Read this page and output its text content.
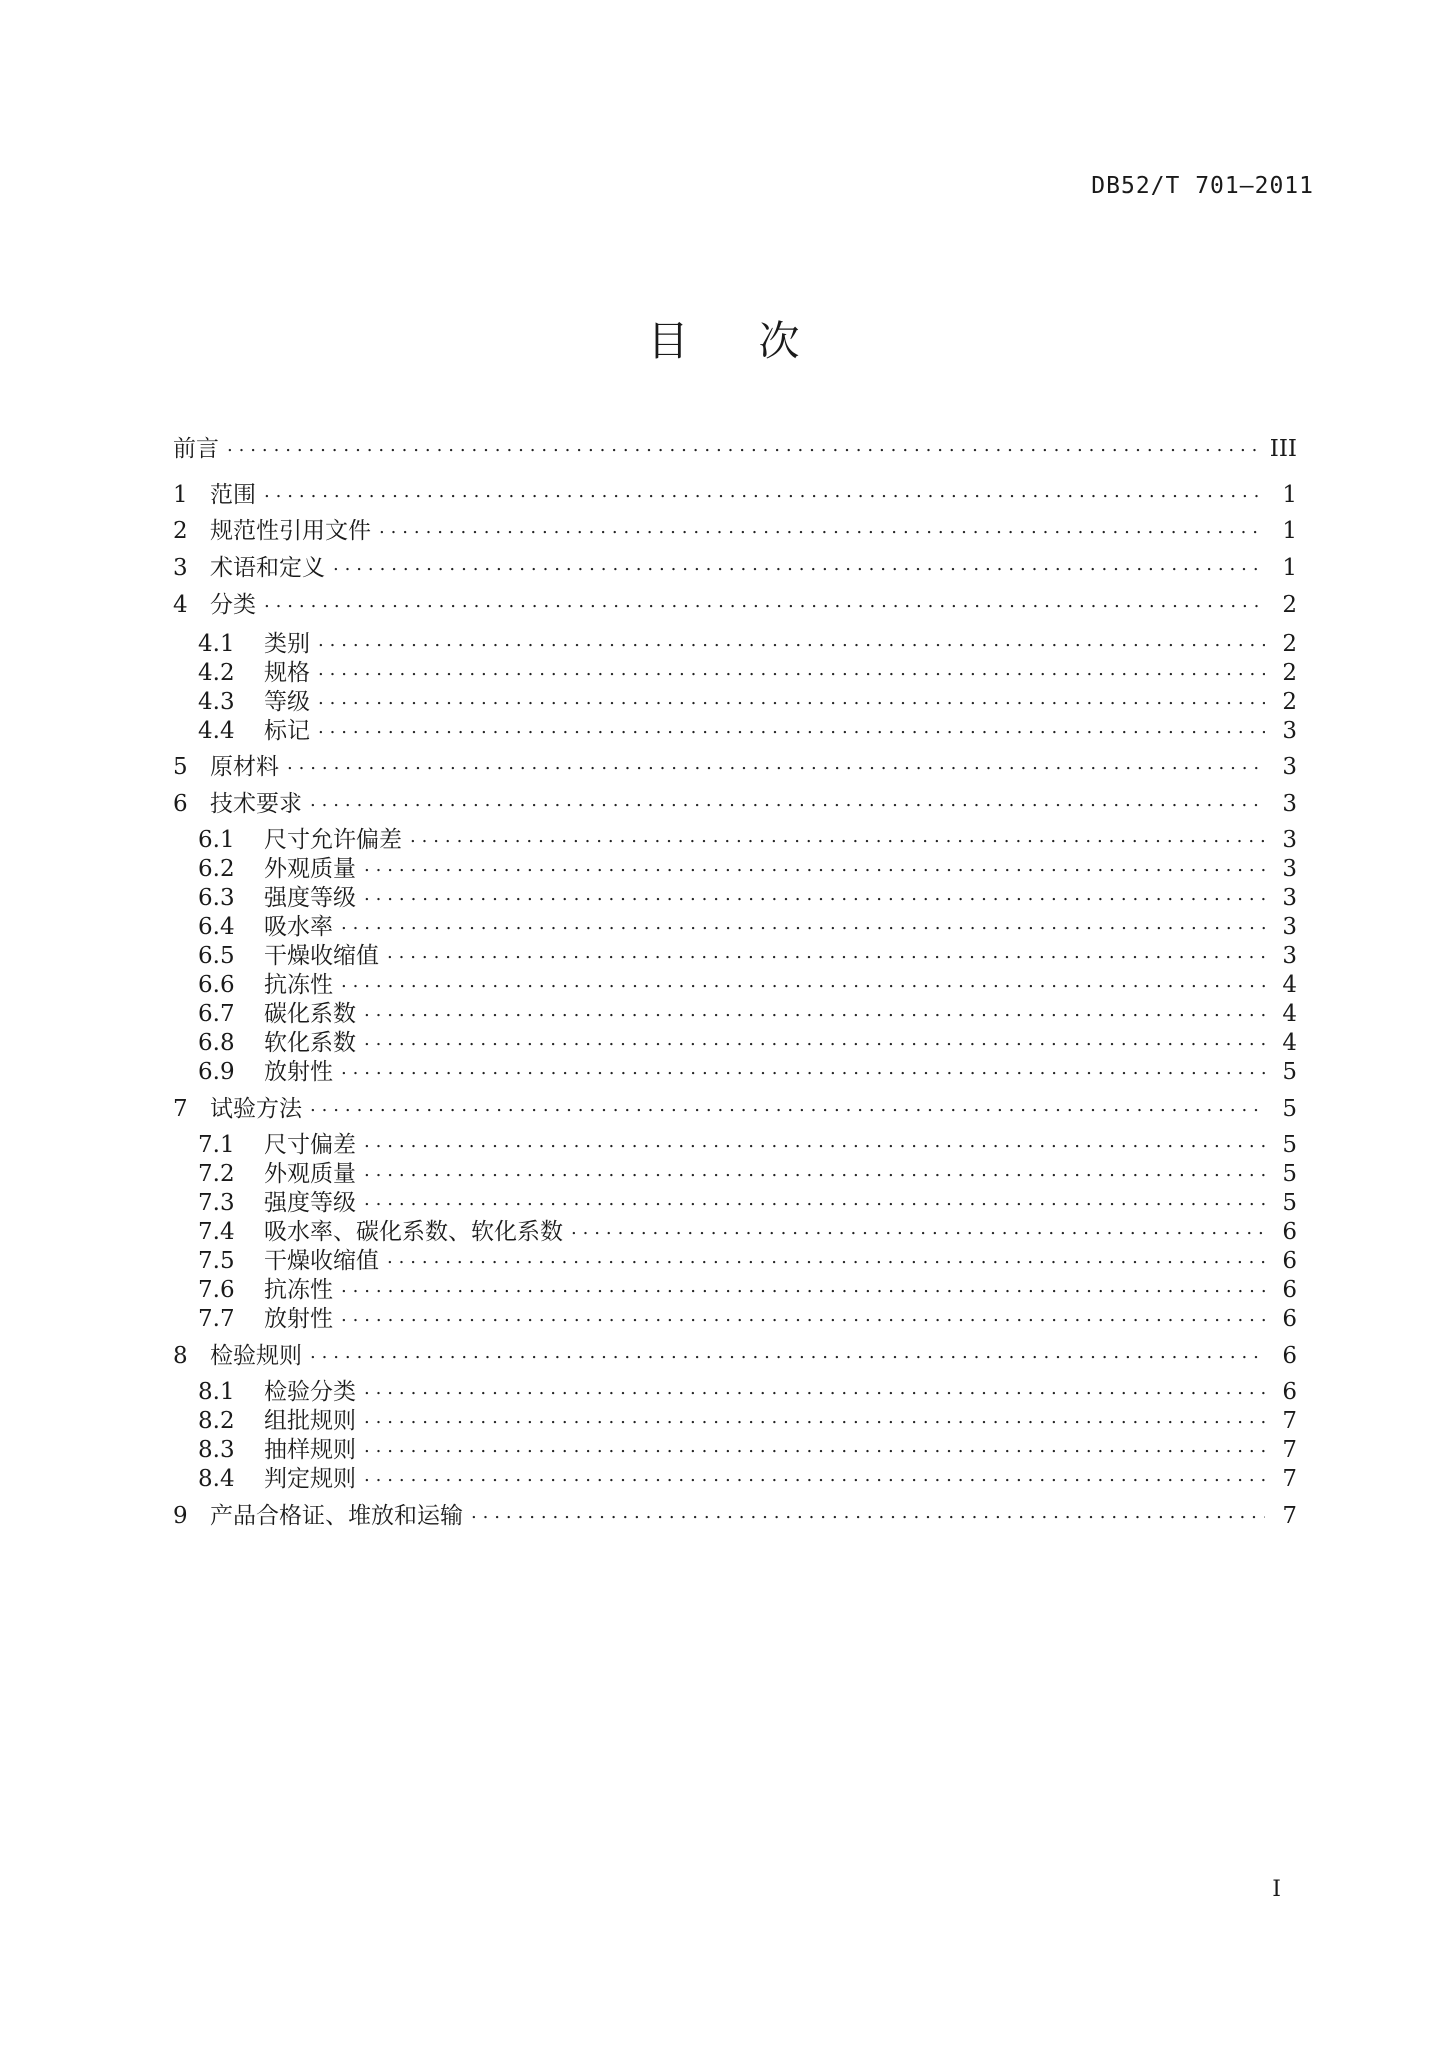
DB52/T 701—2011
目 次
前言 . . .	III
1 范围 . . .	1
2 规范性引用文件 . . .	1
3 术语和定义 . . .	1
4 分类 . . .	2
4.1	类别 . . .	2
4.2	规格 . . .	2
4.3	等级 . . .	2
4.4	标记 . . .	3
5 原材料 . . .	3
6 技术要求 . . .	3
6.1	尺寸允许偏差 . . .	3
6.2	外观质量 . . .	3
6.3	强度等级 . . .	3
6.4	吸水率 . . .	3
6.5	干燥收缩值 . . .	3
6.6	抗冻性 . . .	4
6.7	碳化系数 . . .	4
6.8	软化系数 . . .	4
6.9	放射性 . . .	5
7 试验方法 . . .	5
7.1	尺寸偏差 . . .	5
7.2	外观质量 . . .	5
7.3	强度等级 . . .	5
7.4	吸水率、碳化系数、软化系数 . . .	6
7.5	干燥收缩值 . . .	6
7.6	抗冻性 . . .	6
7.7	放射性 . . .	6
8 检验规则 . . .	6
8.1	检验分类 . . .	6
8.2	组批规则 . . .	7
8.3	抽样规则 . . .	7
8.4	判定规则 . . .	7
9 产品合格证、堆放和运输 . . .	7
I
